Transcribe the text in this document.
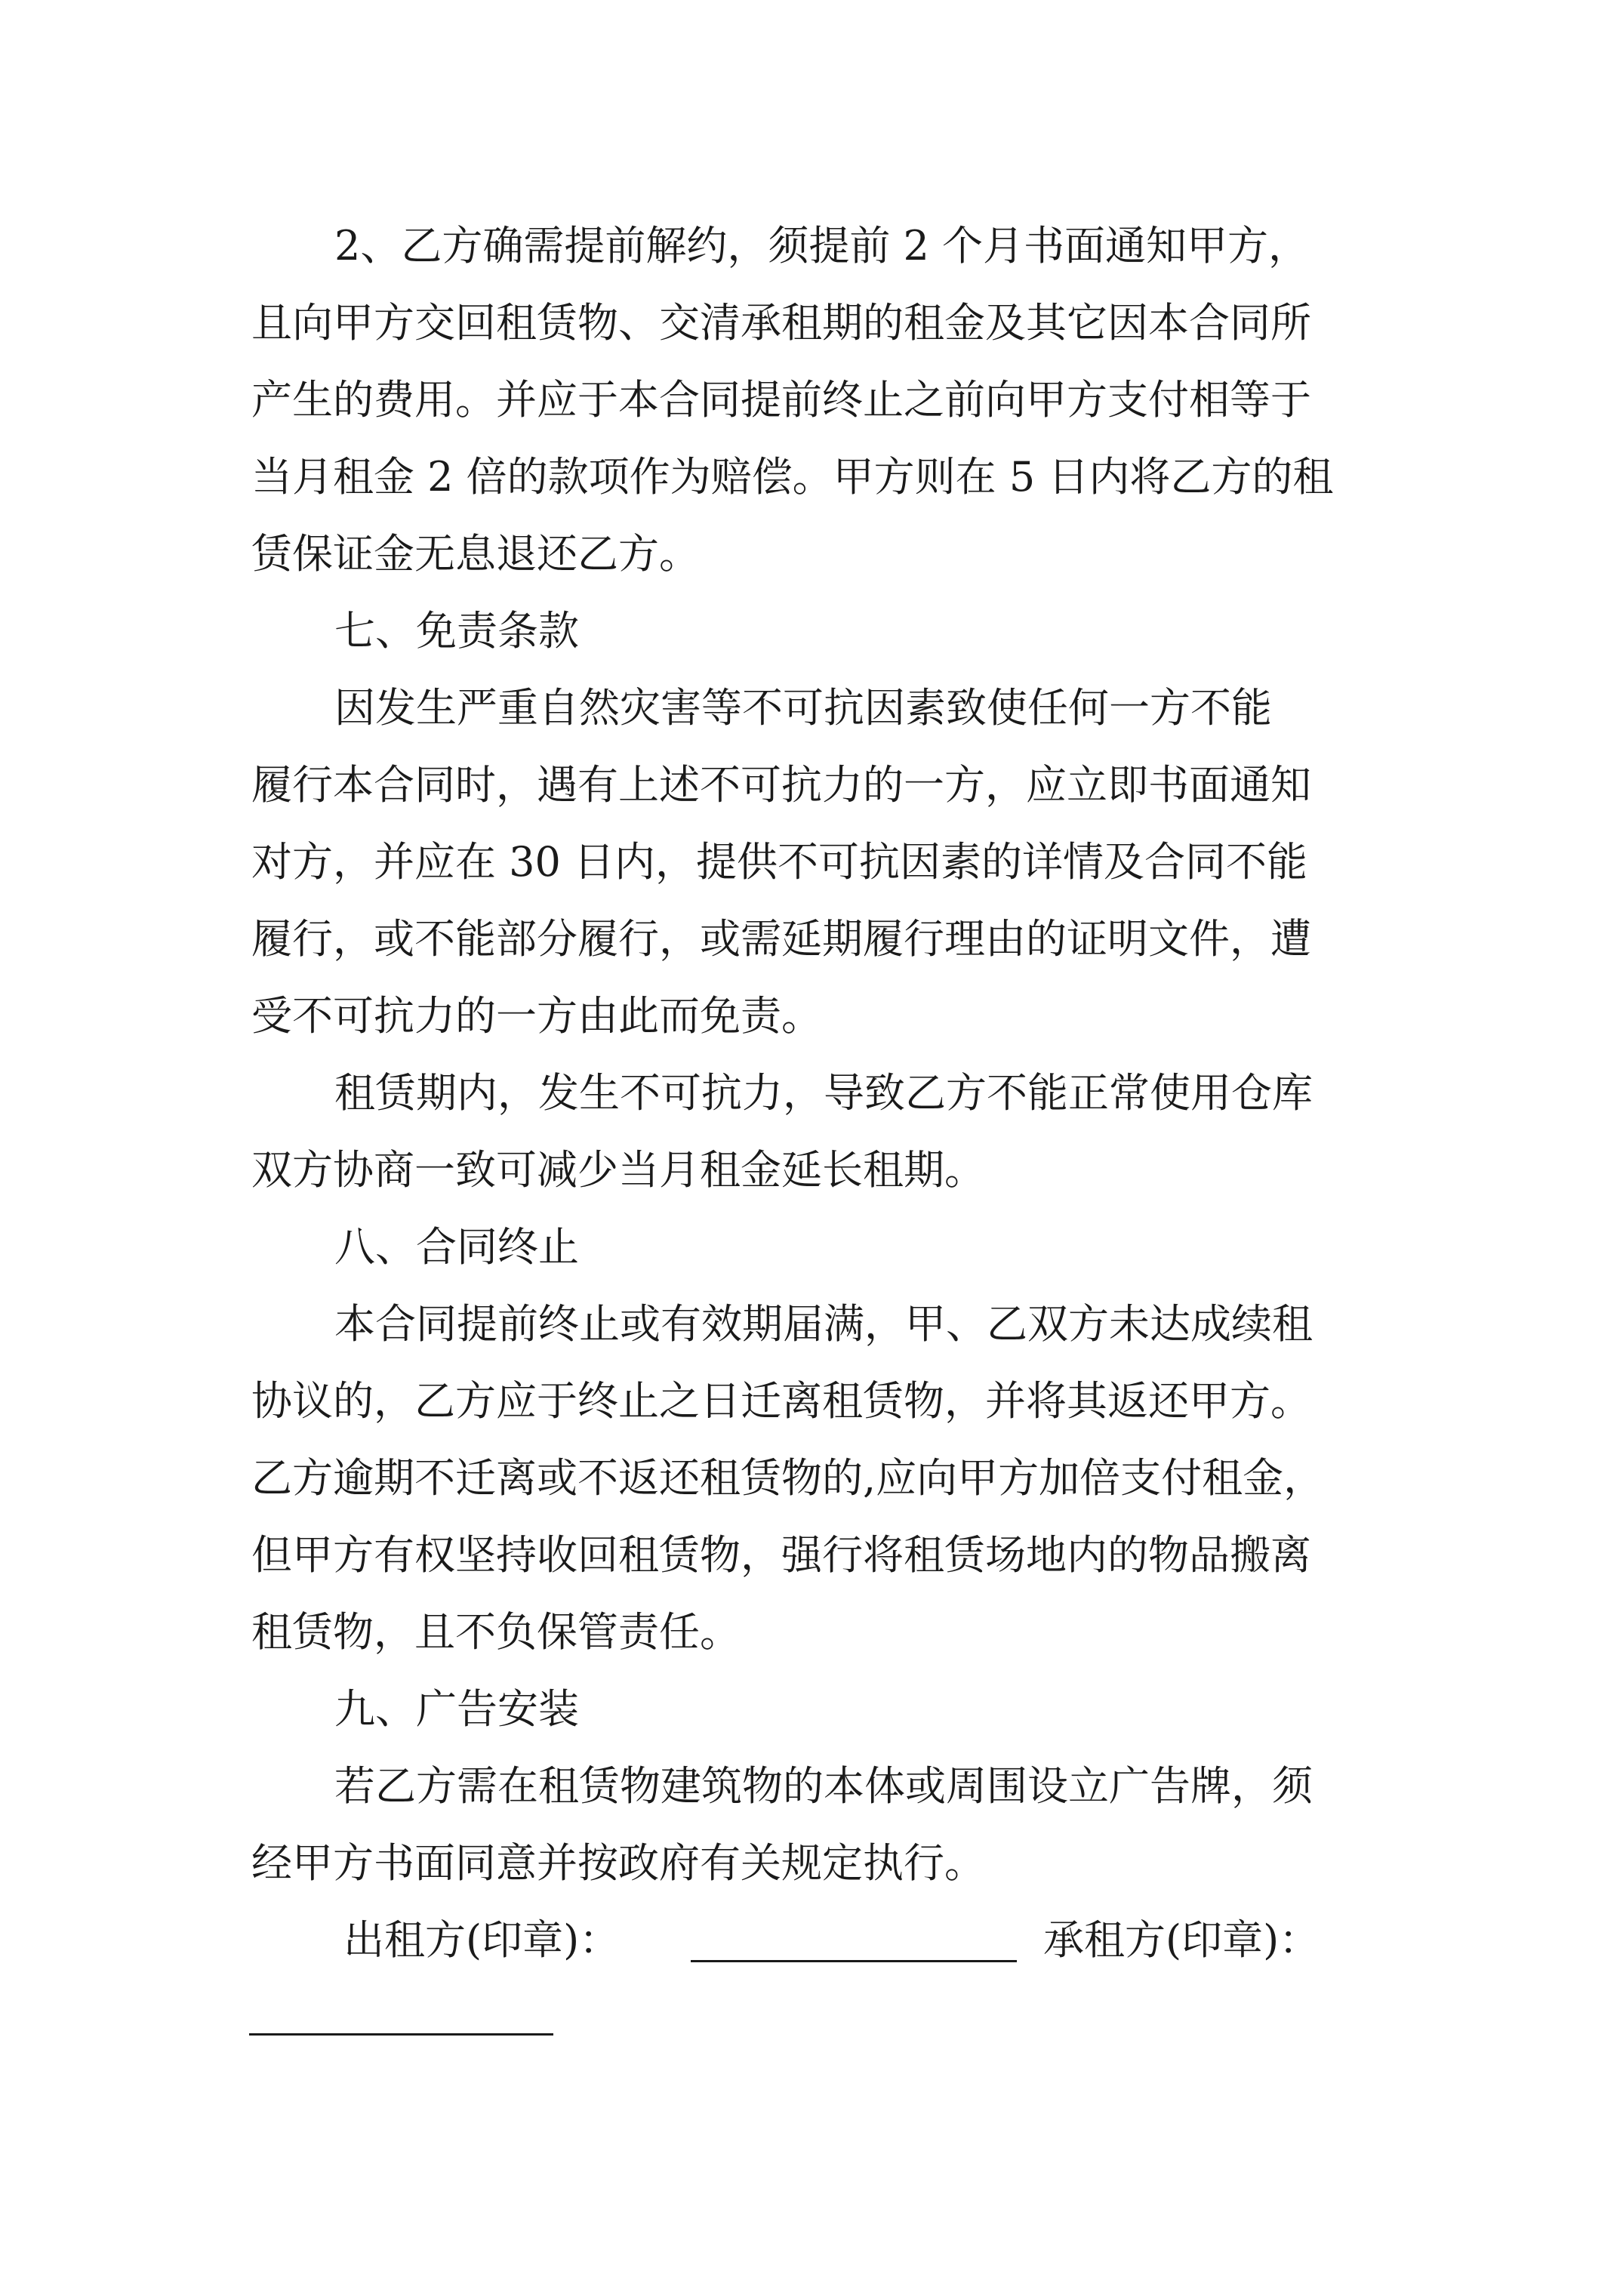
2、乙方确需提前解约，须提前 2 个月书面通知甲方，
且向甲方交回租赁物、交清承租期的租金及其它因本合同所
产生的费用。并应于本合同提前终止之前向甲方支付相等于
当月租金 2 倍的款项作为赔偿。甲方则在 5 日内将乙方的租
赁保证金无息退还乙方。
七、免责条款
因发生严重自然灾害等不可抗因素致使任何一方不能
履行本合同时，遇有上述不可抗力的一方，应立即书面通知
对方，并应在 30 日内，提供不可抗因素的详情及合同不能
履行，或不能部分履行，或需延期履行理由的证明文件，遭
受不可抗力的一方由此而免责。
租赁期内，发生不可抗力，导致乙方不能正常使用仓库
双方协商一致可减少当月租金延长租期。
八、合同终止
本合同提前终止或有效期届满，甲、乙双方未达成续租
协议的，乙方应于终止之日迁离租赁物，并将其返还甲方。
乙方逾期不迁离或不返还租赁物的,应向甲方加倍支付租金，
但甲方有权坚持收回租赁物，强行将租赁场地内的物品搬离
租赁物，且不负保管责任。
九、广告安装
若乙方需在租赁物建筑物的本体或周围设立广告牌，须
经甲方书面同意并按政府有关规定执行。
出租方(印章)：	承租方(印章)：
